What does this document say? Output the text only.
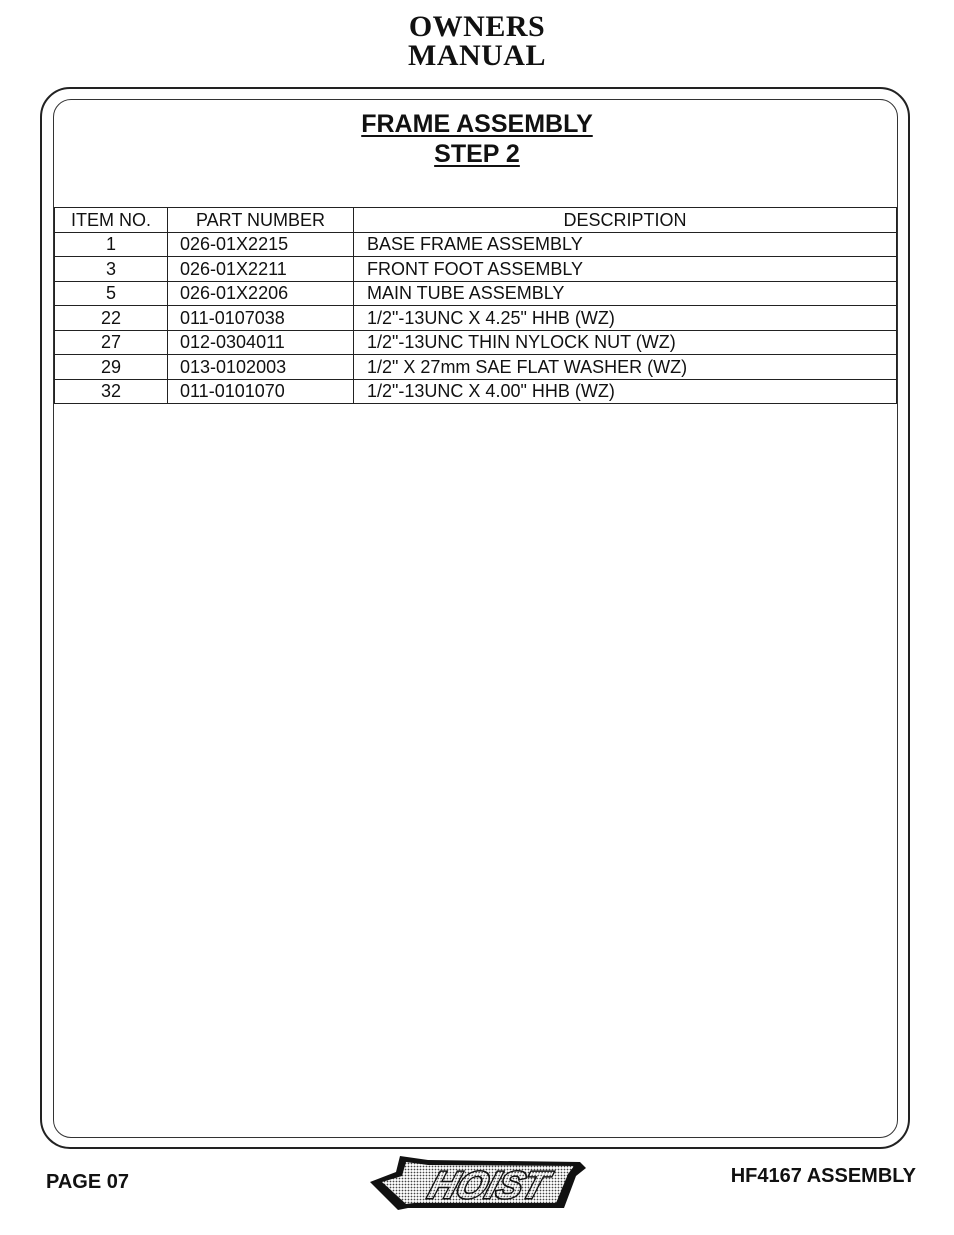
OWNERS
MANUAL
FRAME ASSEMBLY
STEP 2
ITEM NO.	PART NUMBER	DESCRIPTION
1	026-01X2215	BASE FRAME ASSEMBLY
3	026-01X2211	FRONT FOOT ASSEMBLY
5	026-01X2206	MAIN TUBE ASSEMBLY
22	011-0107038	1/2"-13UNC X 4.25" HHB (WZ)
27	012-0304011	1/2"-13UNC THIN NYLOCK NUT (WZ)
29	013-0102003	1/2" X 27mm SAE FLAT WASHER (WZ)
32	011-0101070	1/2"-13UNC X 4.00" HHB (WZ)
PAGE 07	HOIST	HF4167 ASSEMBLY
